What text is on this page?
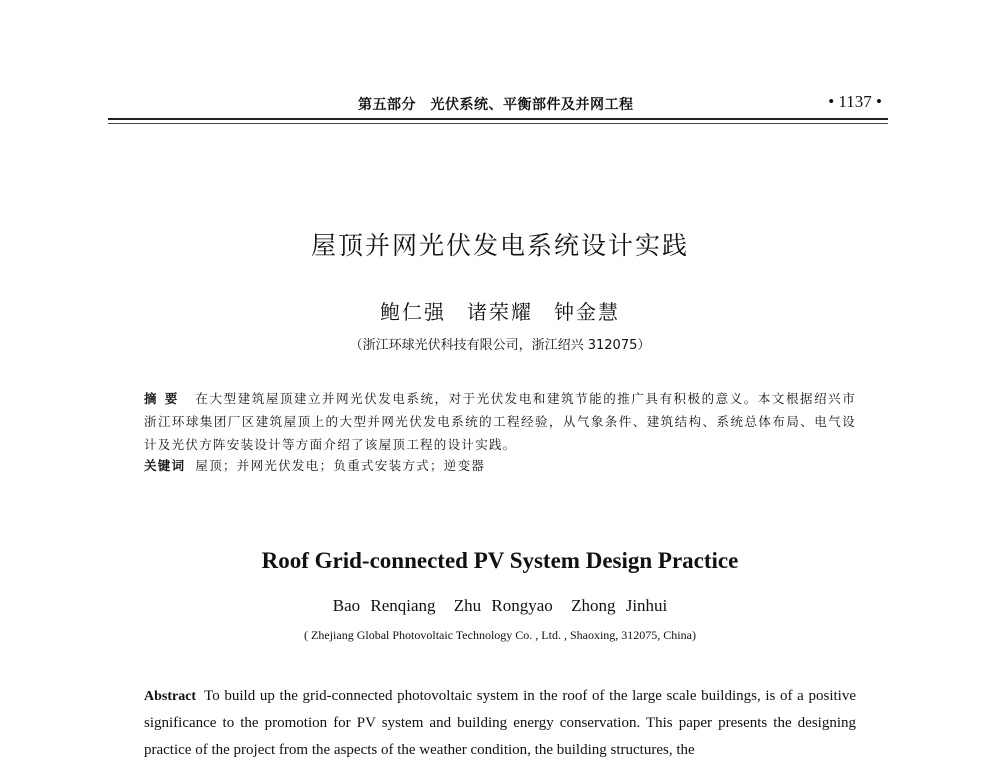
第五部分　光伏系统、平衡部件及并网工程	• 1137 •
屋顶并网光伏发电系统设计实践
鲍仁强 诸荣耀 钟金慧
（浙江环球光伏科技有限公司，浙江绍兴 312075）
摘要 在大型建筑屋顶建立并网光伏发电系统，对于光伏发电和建筑节能的推广具有积极的意义。本文根据绍兴市浙江环球集团厂区建筑屋顶上的大型并网光伏发电系统的工程经验，从气象条件、建筑结构、系统总体布局、电气设计及光伏方阵安装设计等方面介绍了该屋顶工程的设计实践。
关键词 屋顶；并网光伏发电；负重式安装方式；逆变器
Roof Grid-connected PV System Design Practice
Bao Renqiang Zhu Rongyao Zhong Jinhui
( Zhejiang Global Photovoltaic Technology Co. , Ltd. , Shaoxing, 312075, China)
Abstract To build up the grid-connected photovoltaic system in the roof of the large scale buildings, is of a positive significance to the promotion for PV system and building energy conservation. This paper presents the designing practice of the project from the aspects of the weather condition, the building structures, the
